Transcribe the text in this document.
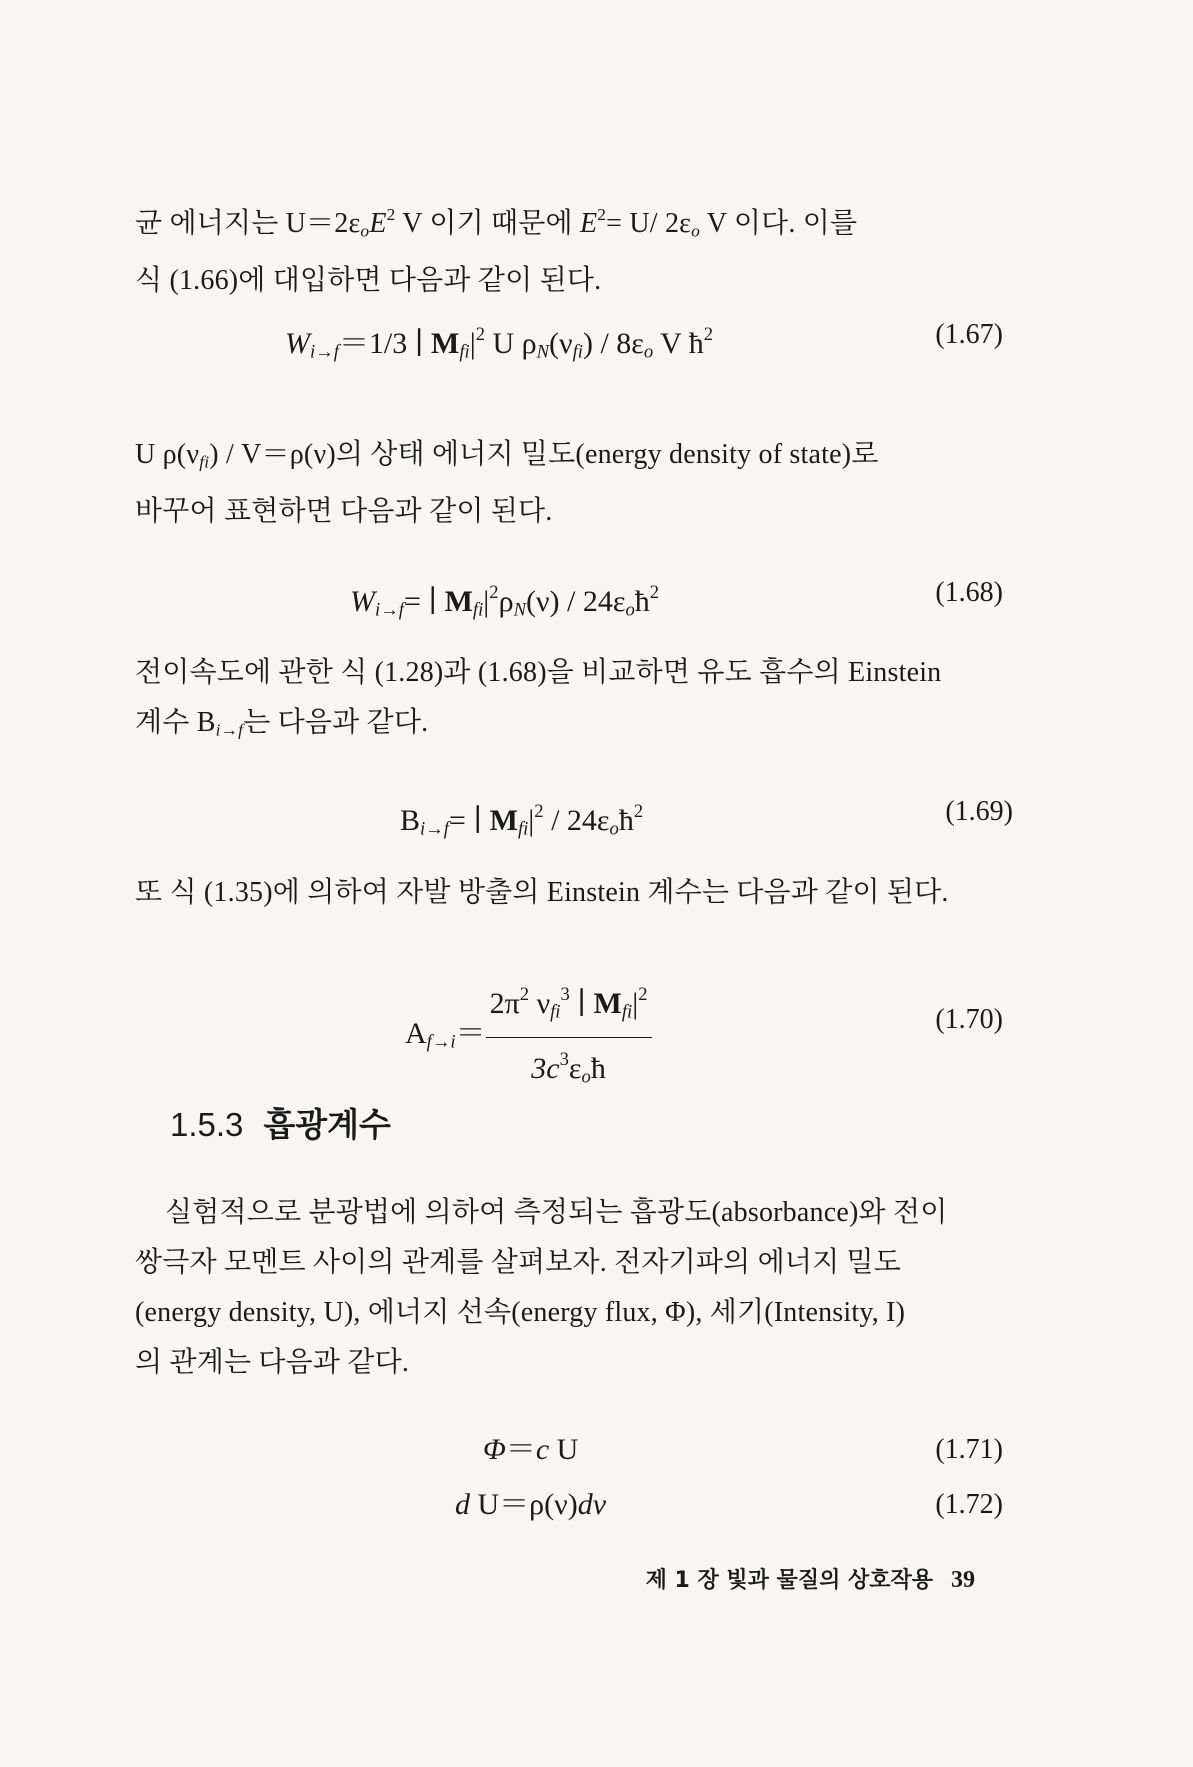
균 에너지는 $U=2\varepsilon_oE^2$ V 이기 때문에 $E^2= U/$ $2\varepsilon_o$ V 이다. 이를
식 (1.66)에 대입하면 다음과 같이 된다.
$W_{i\to f}=1/3$ ∣ $M_{fi}|^2$ U $\rho_N(\nu_{fi}) / 8\varepsilon_o$ V $ħ^2$	(1.67)
U $\rho(\nu_{fi}) / V=\rho(\nu)$의 상태 에너지 밀도(energy density of state)로
바꾸어 표현하면 다음과 같이 된다.
$W_{i\to f}=$ ∣ $M_{fi}|^2\rho_N(\nu)$ / $24\varepsilon_oħ^2$	(1.68)
전이속도에 관한 식 (1.28)과 (1.68)을 비교하면 유도 흡수의 Einstein
계수 $B_{i\to f}$는 다음과 같다.
$B_{i\to f}=$ ∣ $M_{fi}|^2$ / $24\varepsilon_oħ^2$	(1.69)
또 식 (1.35)에 의하여 자발 방출의 Einstein 계수는 다음과 같이 된다.
$A_{f\to i}= \frac{2\pi^2 \nu_{fi}^3 ∣ M_{fi}|^2}{3c^3\varepsilon_oħ}$	(1.70)
1.5.3 흡광계수
실험적으로 분광법에 의하여 측정되는 흡광도(absorbance)와 전이
쌍극자 모멘트 사이의 관계를 살펴보자. 전자기파의 에너지 밀도
(energy density, U), 에너지 선속(energy flux, Φ), 세기(Intensity, I)
의 관계는 다음과 같다.
Φ＝c U	(1.71)
d U＝ρ(ν)dν	(1.72)
제 1 장 빛과 물질의 상호작용 39
